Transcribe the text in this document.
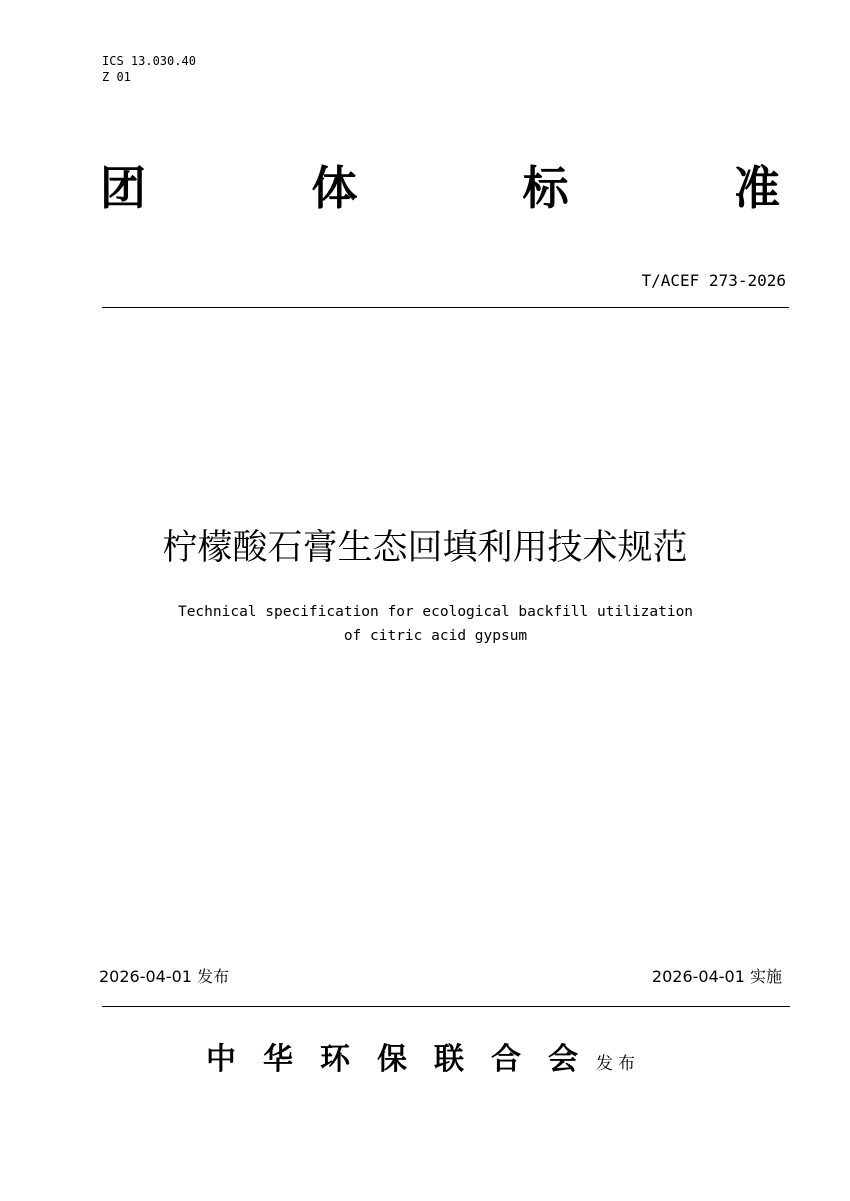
ICS 13.030.40
Z 01
团	体	标	准
T/ACEF 273-2026
柠檬酸石膏生态回填利用技术规范
Technical specification for ecological backfill utilization
of citric acid gypsum
2026-04-01 发布	2026-04-01 实施
中华环保联合会
发布
